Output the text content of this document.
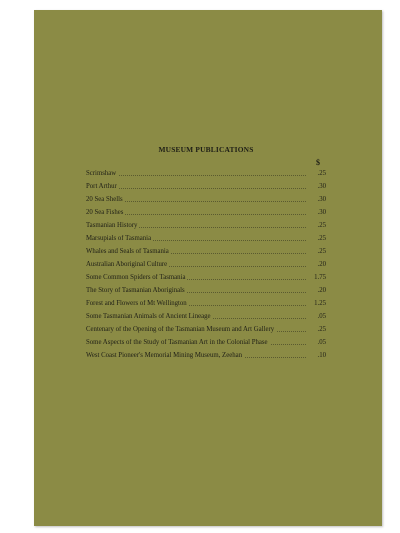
MUSEUM PUBLICATIONS
$
Scrimshaw	.25
Port Arthur	.30
20 Sea Shells	.30
20 Sea Fishes	.30
Tasmanian History	.25
Marsupials of Tasmania	.25
Whales and Seals of Tasmania	.25
Australian Aboriginal Culture	.20
Some Common Spiders of Tasmania	1.75
The Story of Tasmanian Aboriginals	.20
Forest and Flowers of Mt Wellington	1.25
Some Tasmanian Animals of Ancient Lineage	.05
Centenary of the Opening of the Tasmanian Museum and Art Gallery	.25
Some Aspects of the Study of Tasmanian Art in the Colonial Phase	.05
West Coast Pioneer's Memorial Mining Museum, Zeehan	.10
